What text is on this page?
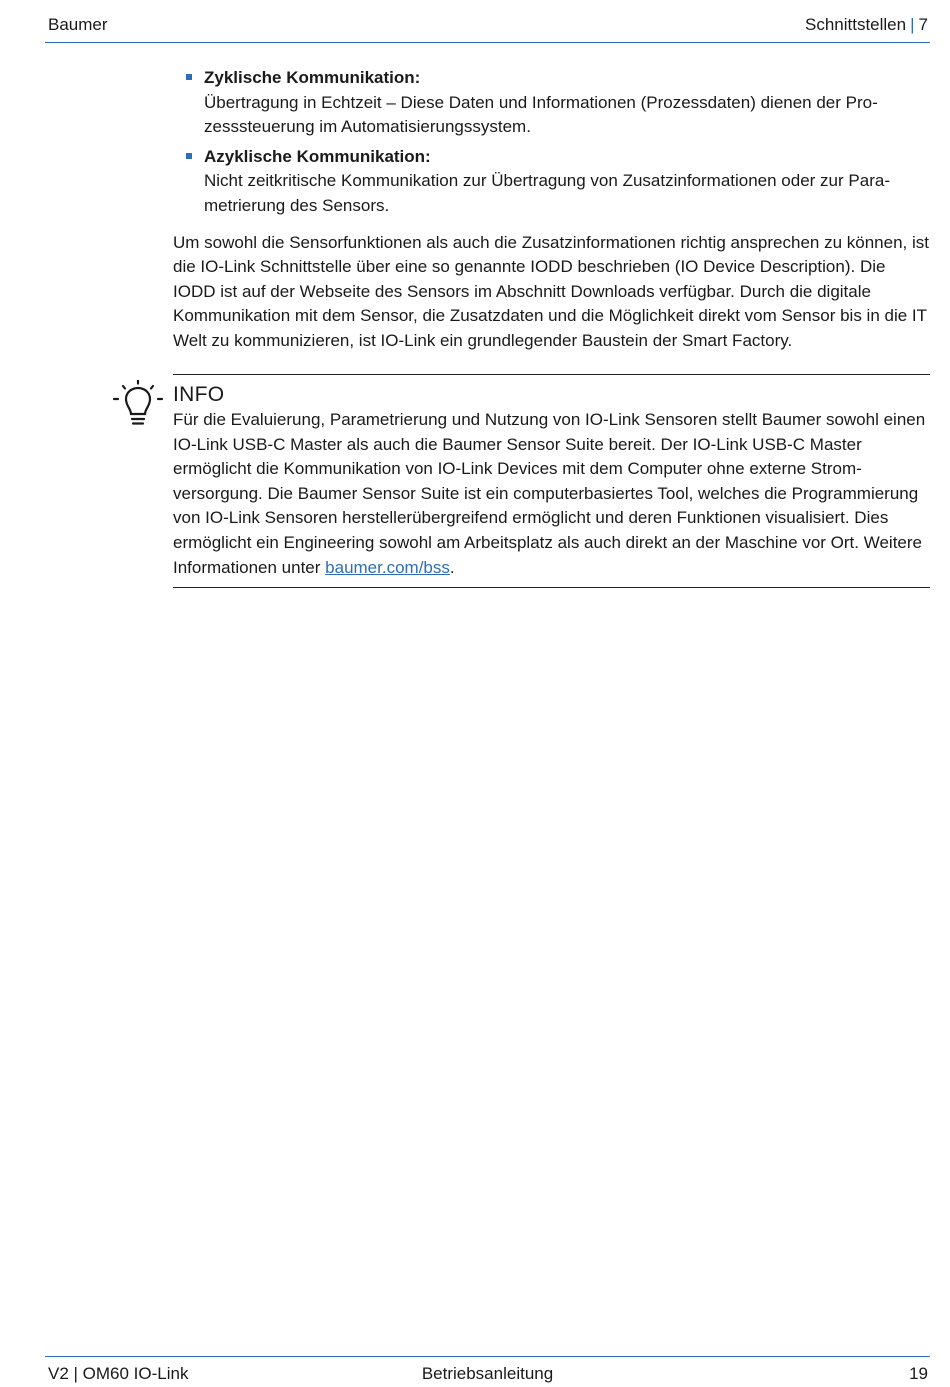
Baumer	Schnittstellen | 7
Zyklische Kommunikation:
Übertragung in Echtzeit – Diese Daten und Informationen (Prozessdaten) dienen der Prozesssteuerung im Automatisierungssystem.
Azyklische Kommunikation:
Nicht zeitkritische Kommunikation zur Übertragung von Zusatzinformationen oder zur Parametrierung des Sensors.

Um sowohl die Sensorfunktionen als auch die Zusatzinformationen richtig ansprechen zu können, ist die IO-Link Schnittstelle über eine so genannte IODD beschrieben (IO Device Description). Die IODD ist auf der Webseite des Sensors im Abschnitt Downloads verfügbar. Durch die digitale Kommunikation mit dem Sensor, die Zusatzdaten und die Möglichkeit direkt vom Sensor bis in die IT Welt zu kommunizieren, ist IO-Link ein grundlegender Baustein der Smart Factory.

INFO
Für die Evaluierung, Parametrierung und Nutzung von IO-Link Sensoren stellt Baumer sowohl einen IO-Link USB-C Master als auch die Baumer Sensor Suite bereit. Der IO-Link USB-C Master ermöglicht die Kommunikation von IO-Link Devices mit dem Computer ohne externe Stromversorgung. Die Baumer Sensor Suite ist ein computerbasiertes Tool, welches die Programmierung von IO-Link Sensoren herstellerübergreifend ermöglicht und deren Funktionen visualisiert. Dies ermöglicht ein Engineering sowohl am Arbeitsplatz als auch direkt an der Maschine vor Ort. Weitere Informationen unter baumer.com/bss.
V2 | OM60 IO-Link	Betriebsanleitung	19
